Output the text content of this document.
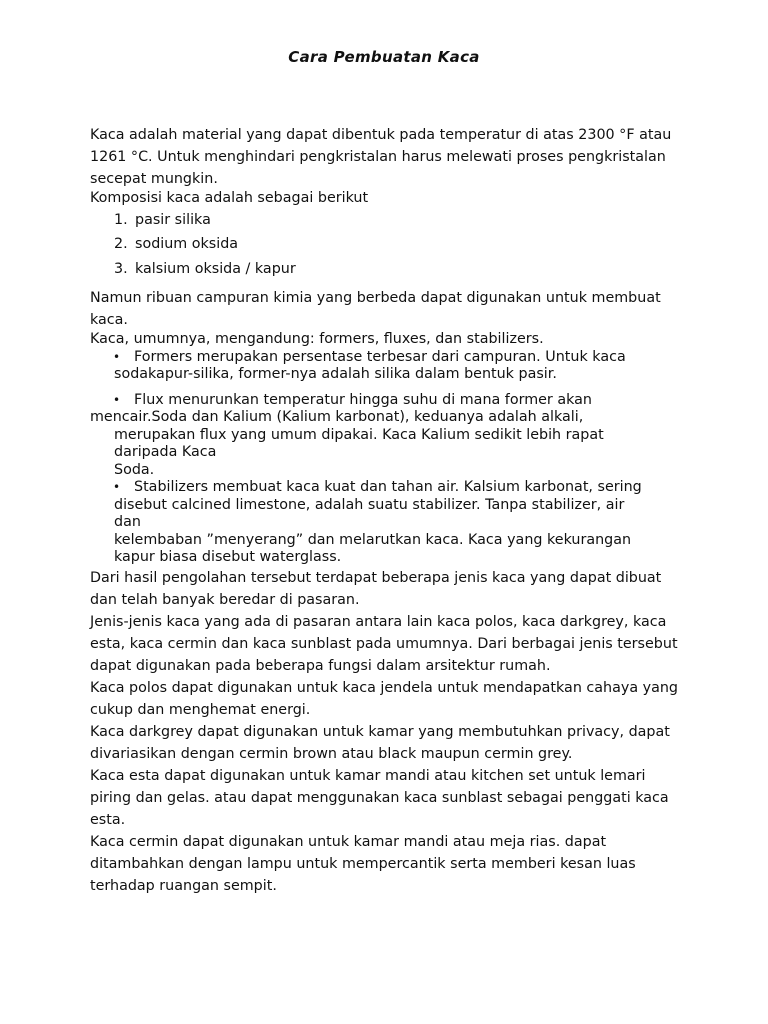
Cara Pembuatan Kaca

Kaca adalah material yang dapat dibentuk pada temperatur di atas 2300 °F atau 1261 °C. Untuk menghindari pengkristalan harus melewati proses pengkristalan secepat mungkin.

Komposisi kaca adalah sebagai berikut

1. pasir silika
2. sodium oksida
3. kalsium oksida / kapur

Namun ribuan campuran kimia yang berbeda dapat digunakan untuk membuat kaca.

Kaca, umumnya, mengandung: formers, fluxes, dan stabilizers.

• Formers merupakan persentase terbesar dari campuran. Untuk kaca
sodakapur-silika, former-nya adalah silika dalam bentuk pasir.
• Flux menurunkan temperatur hingga suhu di mana former akan
mencair.Soda dan Kalium (Kalium karbonat), keduanya adalah alkali,
merupakan flux yang umum dipakai. Kaca Kalium sedikit lebih rapat
daripada Kaca
Soda.
• Stabilizers membuat kaca kuat dan tahan air. Kalsium karbonat, sering
disebut calcined limestone, adalah suatu stabilizer. Tanpa stabilizer, air
dan
kelembaban ”menyerang” dan melarutkan kaca. Kaca yang kekurangan
kapur biasa disebut waterglass.

Dari hasil pengolahan tersebut terdapat beberapa jenis kaca yang dapat dibuat dan telah banyak beredar di pasaran.

Jenis-jenis kaca yang ada di pasaran antara lain kaca polos, kaca darkgrey, kaca esta, kaca cermin dan kaca sunblast pada umumnya. Dari berbagai jenis tersebut dapat digunakan pada beberapa fungsi dalam arsitektur rumah.

Kaca polos dapat digunakan untuk kaca jendela untuk mendapatkan cahaya yang cukup dan menghemat energi.

Kaca darkgrey dapat digunakan untuk kamar yang membutuhkan privacy, dapat divariasikan dengan cermin brown atau black maupun cermin grey.

Kaca esta dapat digunakan untuk kamar mandi atau kitchen set untuk lemari piring dan gelas. atau dapat menggunakan kaca sunblast sebagai penggati kaca esta.

Kaca cermin dapat digunakan untuk kamar mandi atau meja rias. dapat ditambahkan dengan lampu untuk mempercantik serta memberi kesan luas terhadap ruangan sempit.
